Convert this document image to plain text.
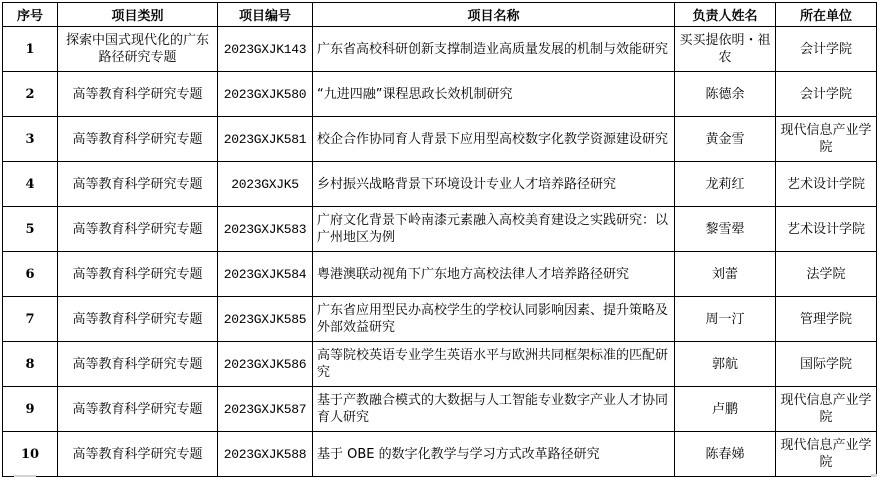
序号	项目类别	项目编号	项目名称	负责人姓名	所在单位
1	探索中国式现代化的广东路径研究专题	2023GXJK143	广东省高校科研创新支撑制造业高质量发展的机制与效能研究	买买提依明・祖农	会计学院
2	高等教育科学研究专题	2023GXJK580	“九进四融”课程思政长效机制研究	陈德余	会计学院
3	高等教育科学研究专题	2023GXJK581	校企合作协同育人背景下应用型高校数字化教学资源建设研究	黄金雪	现代信息产业学院
4	高等教育科学研究专题	2023GXJK5	乡村振兴战略背景下环境设计专业人才培养路径研究	龙莉红	艺术设计学院
5	高等教育科学研究专题	2023GXJK583	广府文化背景下岭南漆元素融入高校美育建设之实践研究：以广州地区为例	黎雪翚	艺术设计学院
6	高等教育科学研究专题	2023GXJK584	粤港澳联动视角下广东地方高校法律人才培养路径研究	刘蕾	法学院
7	高等教育科学研究专题	2023GXJK585	广东省应用型民办高校学生的学校认同影响因素、提升策略及外部效益研究	周一汀	管理学院
8	高等教育科学研究专题	2023GXJK586	高等院校英语专业学生英语水平与欧洲共同框架标准的匹配研究	郭航	国际学院
9	高等教育科学研究专题	2023GXJK587	基于产教融合模式的大数据与人工智能专业数字产业人才协同育人研究	卢鹏	现代信息产业学院
10	高等教育科学研究专题	2023GXJK588	基于 OBE 的数字化教学与学习方式改革路径研究	陈春娣	现代信息产业学院
